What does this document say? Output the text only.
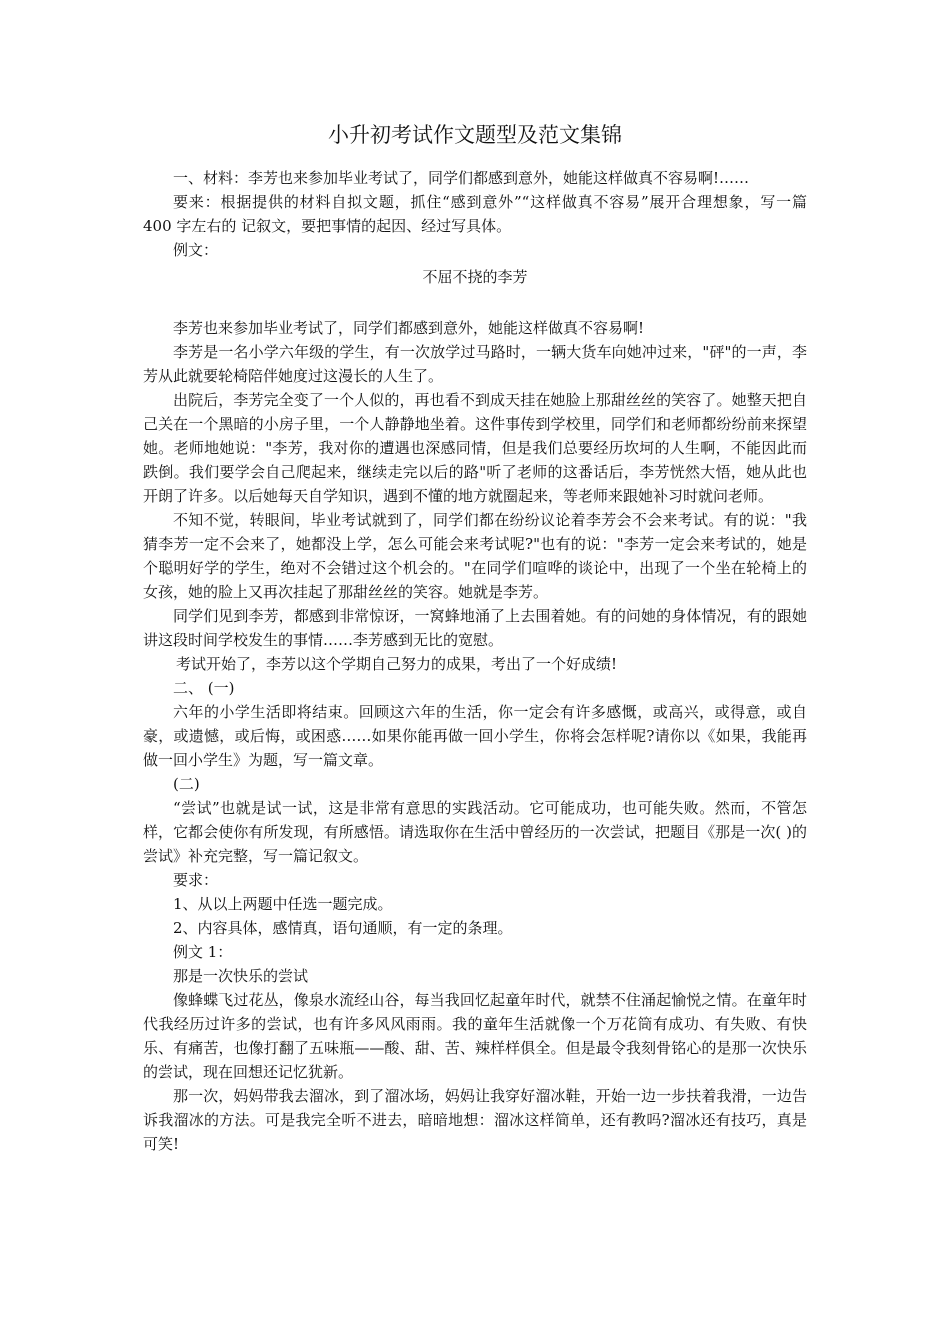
小升初考试作文题型及范文集锦

一、材料：李芳也来参加毕业考试了，同学们都感到意外，她能这样做真不容易啊!……

要来：根据提供的材料自拟文题，抓住“感到意外”“这样做真不容易”展开合理想象，写一篇 400 字左右的 记叙文，要把事情的起因、经过写具体。

例文：

不屈不挠的李芳

李芳也来参加毕业考试了，同学们都感到意外，她能这样做真不容易啊!

李芳是一名小学六年级的学生，有一次放学过马路时，一辆大货车向她冲过来，"砰"的一声，李芳从此就要轮椅陪伴她度过这漫长的人生了。

出院后，李芳完全变了一个人似的，再也看不到成天挂在她脸上那甜丝丝的笑容了。她整天把自己关在一个黑暗的小房子里，一个人静静地坐着。这件事传到学校里，同学们和老师都纷纷前来探望她。老师地她说："李芳，我对你的遭遇也深感同情，但是我们总要经历坎坷的人生啊，不能因此而跌倒。我们要学会自己爬起来，继续走完以后的路"听了老师的这番话后，李芳恍然大悟，她从此也开朗了许多。以后她每天自学知识，遇到不懂的地方就圈起来，等老师来跟她补习时就问老师。

不知不觉，转眼间，毕业考试就到了，同学们都在纷纷议论着李芳会不会来考试。有的说："我猜李芳一定不会来了，她都没上学，怎么可能会来考试呢?"也有的说："李芳一定会来考试的，她是个聪明好学的学生，绝对不会错过这个机会的。"在同学们喧哗的谈论中，出现了一个坐在轮椅上的女孩，她的脸上又再次挂起了那甜丝丝的笑容。她就是李芳。

同学们见到李芳，都感到非常惊讶，一窝蜂地涌了上去围着她。有的问她的身体情况，有的跟她讲这段时间学校发生的事情……李芳感到无比的宽慰。

考试开始了，李芳以这个学期自己努力的成果，考出了一个好成绩!

二、 (一)

六年的小学生活即将结束。回顾这六年的生活，你一定会有许多感慨，或高兴，或得意，或自豪，或遗憾，或后悔，或困惑……如果你能再做一回小学生，你将会怎样呢?请你以《如果，我能再做一回小学生》为题，写一篇文章。

(二)

“尝试”也就是试一试，这是非常有意思的实践活动。它可能成功，也可能失败。然而，不管怎样，它都会使你有所发现，有所感悟。请选取你在生活中曾经历的一次尝试，把题目《那是一次( )的尝试》补充完整，写一篇记叙文。

要求：

1、从以上两题中任选一题完成。

2、内容具体，感情真，语句通顺，有一定的条理。

例文 1：

那是一次快乐的尝试

像蜂蝶飞过花丛，像泉水流经山谷，每当我回忆起童年时代，就禁不住涌起愉悦之情。在童年时代我经历过许多的尝试，也有许多风风雨雨。我的童年生活就像一个万花筒有成功、有失败、有快乐、有痛苦，也像打翻了五味瓶——酸、甜、苦、辣样样俱全。但是最令我刻骨铭心的是那一次快乐的尝试，现在回想还记忆犹新。

那一次，妈妈带我去溜冰，到了溜冰场，妈妈让我穿好溜冰鞋，开始一边一步扶着我滑，一边告诉我溜冰的方法。可是我完全听不进去，暗暗地想：溜冰这样简单，还有教吗?溜冰还有技巧，真是可笑!
